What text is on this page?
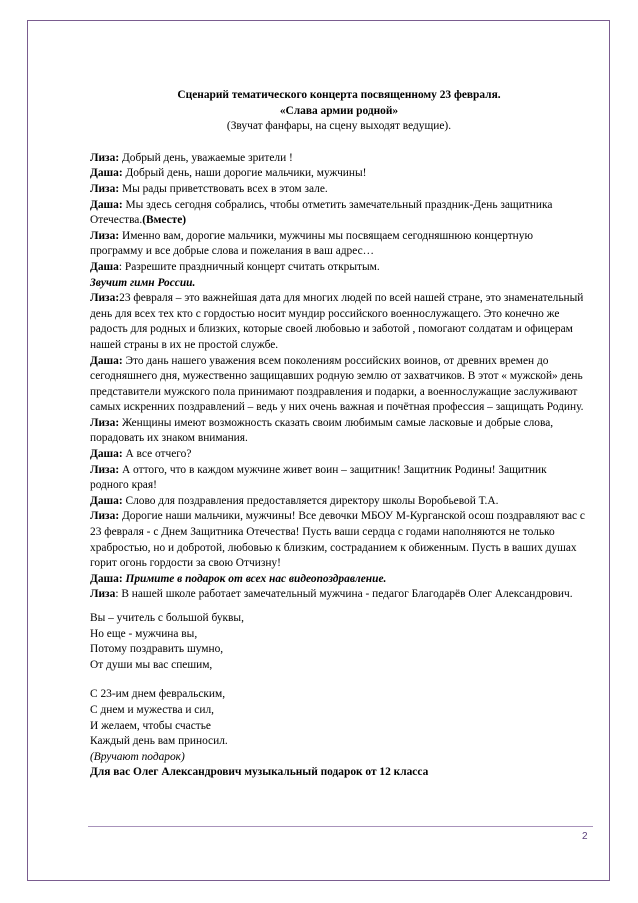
Сценарий тематического концерта посвященному 23 февраля.

«Слава армии родной»

(Звучат фанфары, на сцену выходят ведущие).

Лиза: Добрый день, уважаемые зрители !

Даша: Добрый день, наши дорогие мальчики, мужчины!

Лиза: Мы рады приветствовать всех в этом зале.

Даша: Мы здесь сегодня собрались, чтобы отметить замечательный праздник-День защитника Отечества.(Вместе)

Лиза: Именно вам, дорогие мальчики, мужчины мы посвящаем сегодняшнюю концертную программу и все добрые слова и пожелания в ваш адрес…

Даша: Разрешите праздничный концерт считать открытым.

Звучит гимн России.

Лиза:23 февраля – это важнейшая дата для многих людей по всей нашей стране, это знаменательный день для всех тех кто с гордостью носит мундир российского военнослужащего. Это конечно же радость для родных и близких, которые своей любовью и заботой , помогают солдатам и офицерам нашей страны в их не простой службе.

Даша: Это дань нашего уважения всем поколениям российских воинов, от древних времен до сегодняшнего дня, мужественно защищавших родную землю от захватчиков. В этот « мужской» день представители мужского пола принимают поздравления и подарки, а военнослужащие заслуживают самых искренних поздравлений – ведь у них очень важная и почётная профессия – защищать Родину.

Лиза: Женщины имеют возможность сказать своим любимым самые ласковые и добрые слова, порадовать их знаком внимания.

Даша: А все отчего?

Лиза: А оттого, что в каждом мужчине живет воин – защитник! Защитник Родины! Защитник родного края!

Даша: Слово для поздравления предоставляется директору школы Воробьевой Т.А.

Лиза: Дорогие наши мальчики, мужчины! Все девочки МБОУ М-Курганской осош поздравляют вас с 23 февраля - с Днем Защитника Отечества! Пусть ваши сердца с годами наполняются не только храбростью, но и добротой, любовью к близким, состраданием к обиженным. Пусть в ваших душах горит огонь гордости за свою Отчизну!

Даша: Примите в подарок от всех нас видеопоздравление.

Лиза: В нашей школе работает замечательный мужчина - педагог Благодарёв Олег Александрович.

Вы – учитель с большой буквы,

Но еще - мужчина вы,

Потому поздравить шумно,

От души мы вас спешим,

С 23-им днем февральским,

С днем и мужества и сил,

И желаем, чтобы счастье

Каждый день вам приносил.

(Вручают подарок)

Для вас Олег Александрович музыкальный подарок от 12 класса

2
